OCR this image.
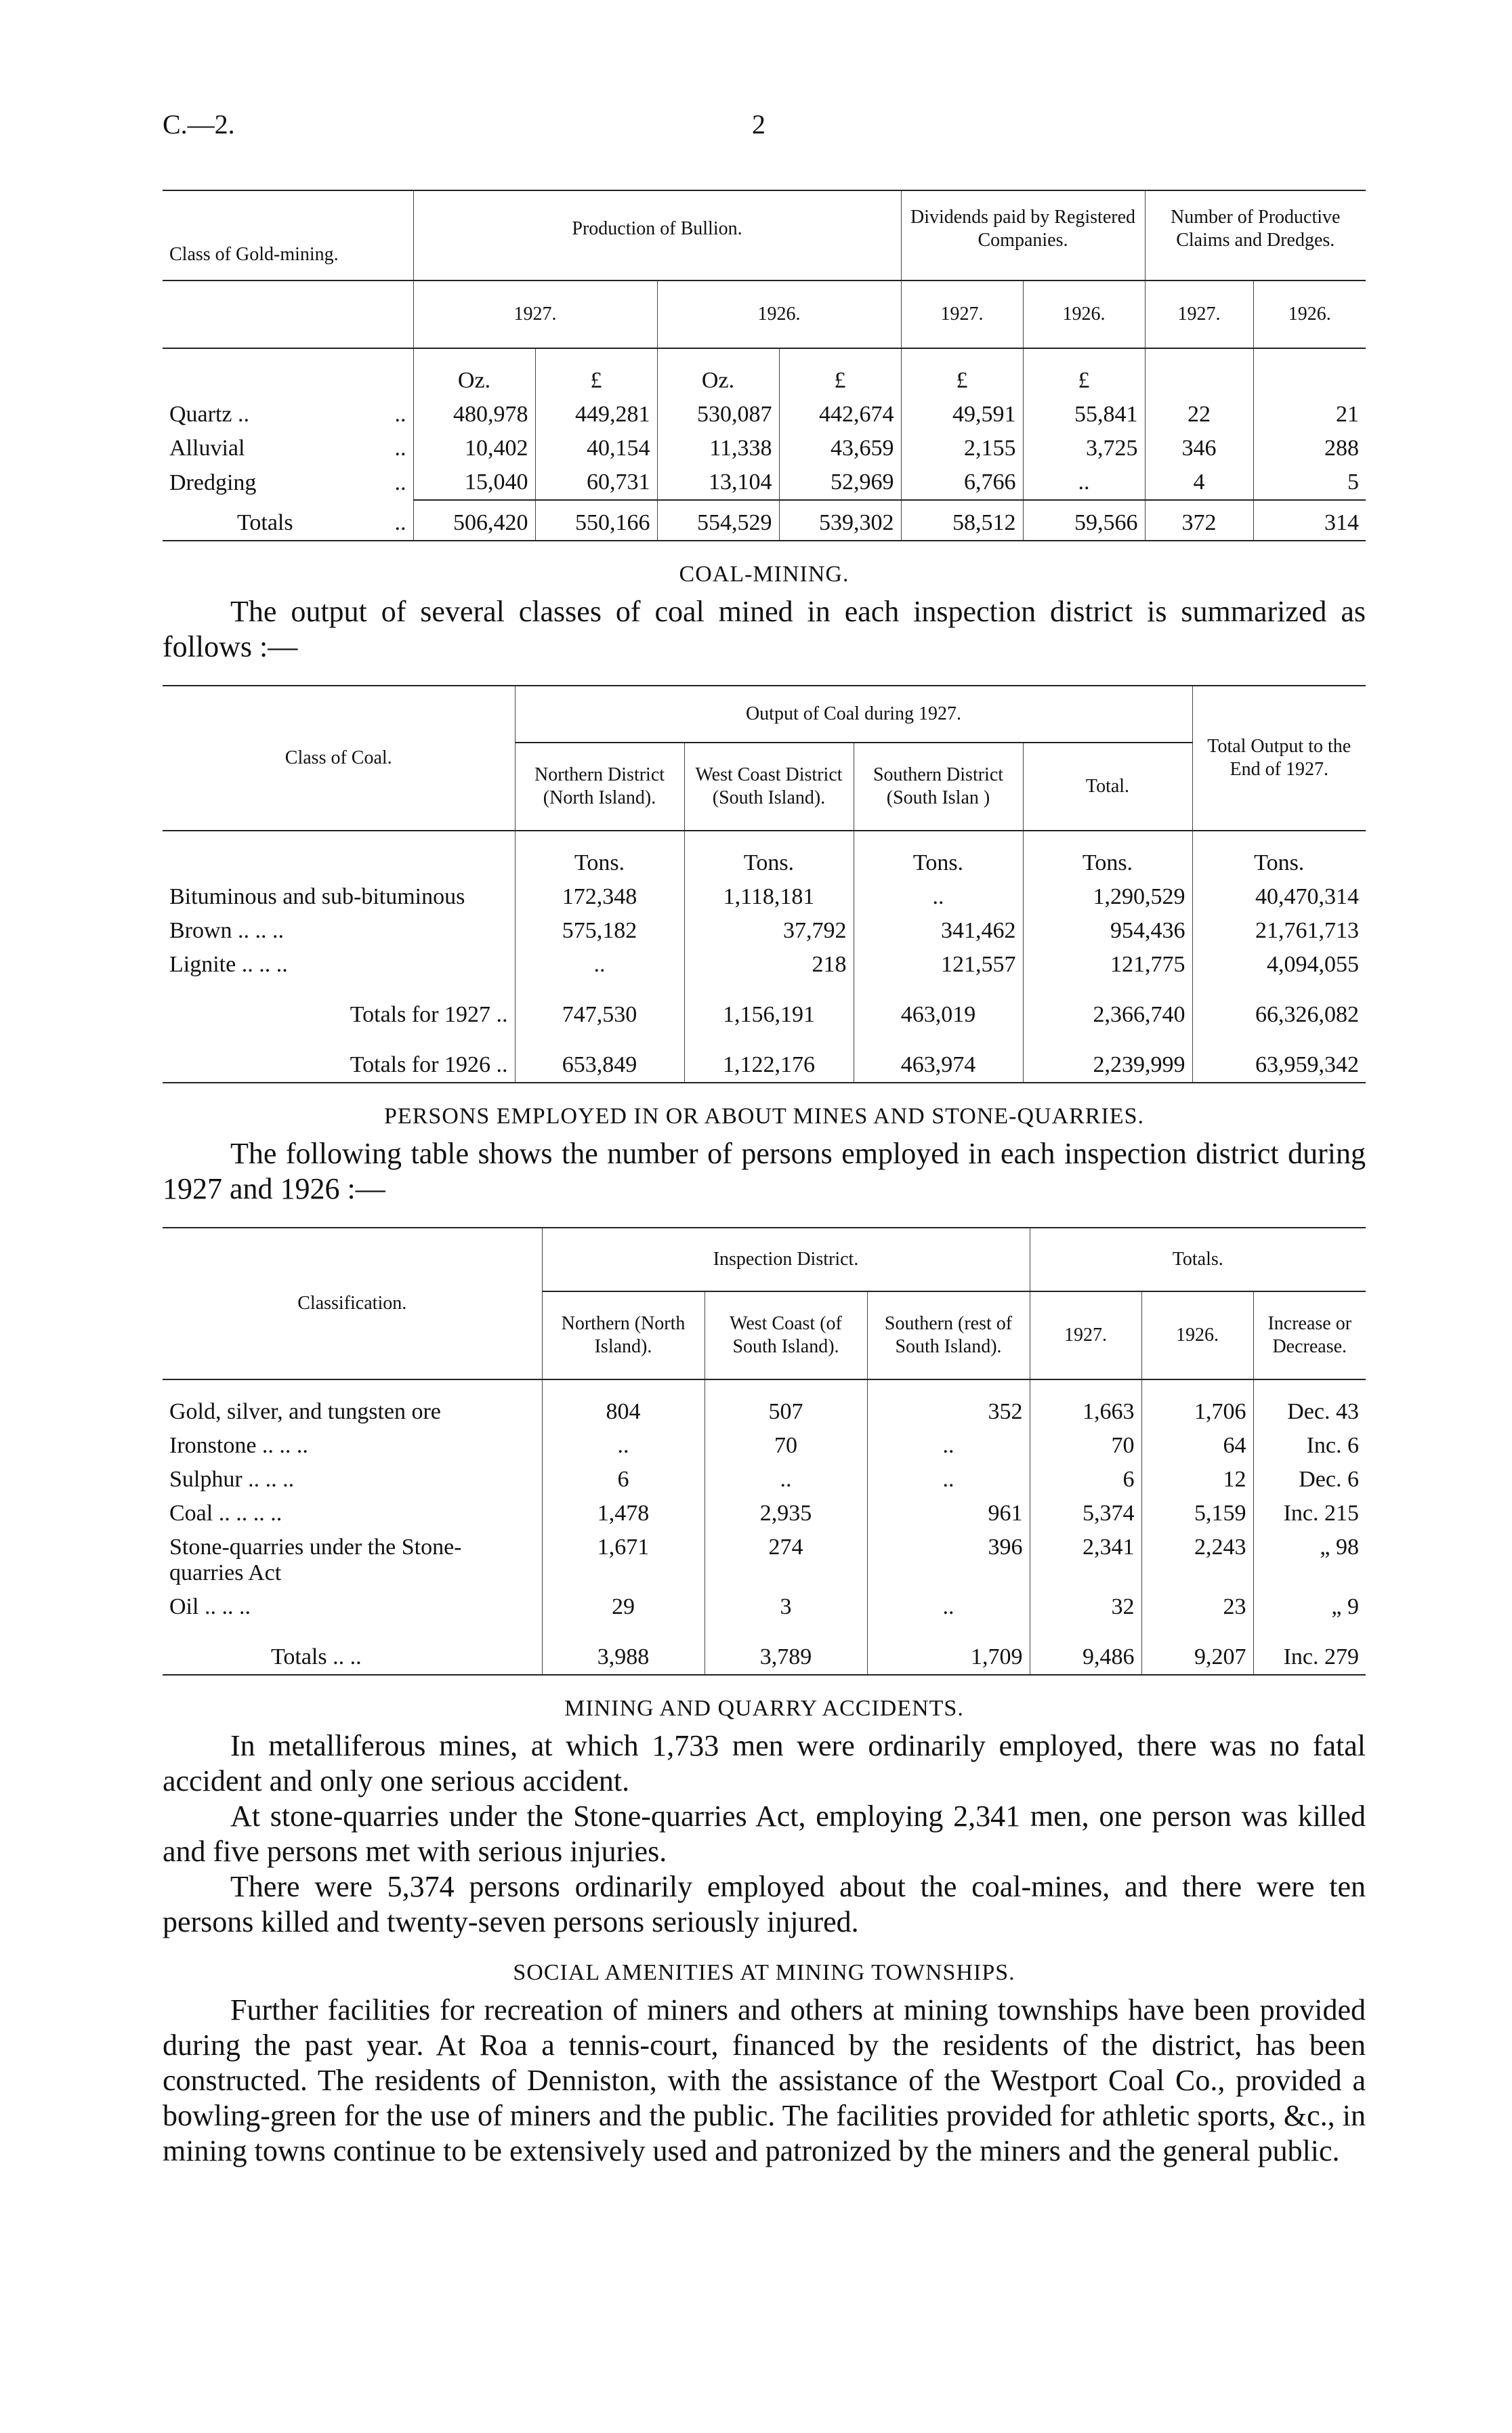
C.—2.	2
Class of Gold-mining.	Production of Bullion.				Dividends paid by Registered Companies.		Number of Productive Claims and Dredges.	

	1927.		1926.		1927.	1926.	1927.	1926.

	Oz.	£	Oz.	£	£	£		
Quartz .. ..	480,978	449,281	530,087	442,674	49,591	55,841	22	21
Alluvial ..	10,402	40,154	11,338	43,659	2,155	3,725	346	288
Dredging ..	15,040	60,731	13,104	52,969	6,766	..	4	5
Totals ..	506,420	550,166	554,529	539,302	58,512	59,566	372	314
COAL-MINING.

The output of several classes of coal mined in each inspection district is summarized as follows :—

Class of Coal.	Output of Coal during 1927.				Total Output to the End of 1927.
	Northern District (North Island).	West Coast District (South Island).	Southern District (South Islan )	Total.	

	Tons.	Tons.	Tons.	Tons.	Tons.
Bituminous and sub-bituminous	172,348	1,118,181	..	1,290,529	40,470,314
Brown .. .. ..	575,182	37,792	341,462	954,436	21,761,713
Lignite .. .. ..	..	218	121,557	121,775	4,094,055
Totals for 1927 ..	747,530	1,156,191	463,019	2,366,740	66,326,082
Totals for 1926 ..	653,849	1,122,176	463,974	2,239,999	63,959,342
PERSONS EMPLOYED IN OR ABOUT MINES AND STONE-QUARRIES.

The following table shows the number of persons employed in each inspection district during 1927 and 1926 :—

Classification.	Inspection District.			Totals.		
	Northern (North Island).	West Coast (of South Island).	Southern (rest of South Island).	1927.	1926.	Increase or Decrease.

Gold, silver, and tungsten ore	804	507	352	1,663	1,706	Dec. 43
Ironstone .. .. ..	..	70	..	70	64	Inc. 6
Sulphur .. .. ..	6	..	..	6	12	Dec. 6
Coal .. .. .. ..	1,478	2,935	961	5,374	5,159	Inc. 215
Stone-quarries under the Stone-quarries Act	1,671	274	396	2,341	2,243	„ 98
Oil .. .. ..	29	3	..	32	23	„ 9
Totals .. ..	3,988	3,789	1,709	9,486	9,207	Inc. 279
MINING AND QUARRY ACCIDENTS.

In metalliferous mines, at which 1,733 men were ordinarily employed, there was no fatal accident and only one serious accident.

At stone-quarries under the Stone-quarries Act, employing 2,341 men, one person was killed and five persons met with serious injuries.

There were 5,374 persons ordinarily employed about the coal-mines, and there were ten persons killed and twenty-seven persons seriously injured.

SOCIAL AMENITIES AT MINING TOWNSHIPS.

Further facilities for recreation of miners and others at mining townships have been provided during the past year. At Roa a tennis-court, financed by the residents of the district, has been constructed. The residents of Denniston, with the assistance of the Westport Coal Co., provided a bowling-green for the use of miners and the public. The facilities provided for athletic sports, &c., in mining towns continue to be extensively used and patronized by the miners and the general public.
